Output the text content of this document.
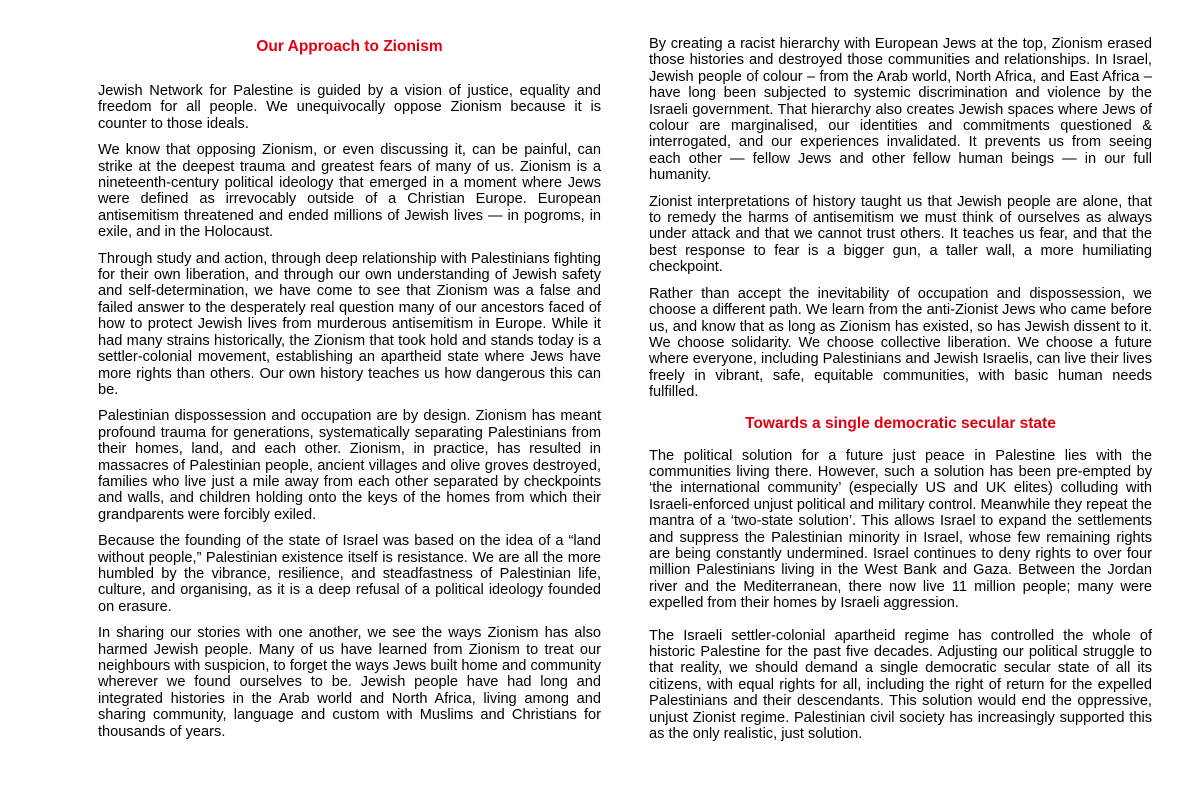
Our Approach to Zionism

Jewish Network for Palestine is guided by a vision of justice, equality and freedom for all people. We unequivocally oppose Zionism because it is counter to those ideals.

We know that opposing Zionism, or even discussing it, can be painful, can strike at the deepest trauma and greatest fears of many of us. Zionism is a nineteenth-century political ideology that emerged in a moment where Jews were defined as irrevocably outside of a Christian Europe. European antisemitism threatened and ended millions of Jewish lives — in pogroms, in exile, and in the Holocaust.

Through study and action, through deep relationship with Palestinians fighting for their own liberation, and through our own understanding of Jewish safety and self-determination, we have come to see that Zionism was a false and failed answer to the desperately real question many of our ancestors faced of how to protect Jewish lives from murderous antisemitism in Europe. While it had many strains historically, the Zionism that took hold and stands today is a settler-colonial movement, establishing an apartheid state where Jews have more rights than others. Our own history teaches us how dangerous this can be.

Palestinian dispossession and occupation are by design. Zionism has meant profound trauma for generations, systematically separating Palestinians from their homes, land, and each other. Zionism, in practice, has resulted in massacres of Palestinian people, ancient villages and olive groves destroyed, families who live just a mile away from each other separated by checkpoints and walls, and children holding onto the keys of the homes from which their grandparents were forcibly exiled.

Because the founding of the state of Israel was based on the idea of a “land without people,” Palestinian existence itself is resistance. We are all the more humbled by the vibrance, resilience, and steadfastness of Palestinian life, culture, and organising, as it is a deep refusal of a political ideology founded on erasure.

In sharing our stories with one another, we see the ways Zionism has also harmed Jewish people. Many of us have learned from Zionism to treat our neighbours with suspicion, to forget the ways Jews built home and community wherever we found ourselves to be. Jewish people have had long and integrated histories in the Arab world and North Africa, living among and sharing community, language and custom with Muslims and Christians for thousands of years.

By creating a racist hierarchy with European Jews at the top, Zionism erased those histories and destroyed those communities and relationships. In Israel, Jewish people of colour – from the Arab world, North Africa, and East Africa – have long been subjected to systemic discrimination and violence by the Israeli government. That hierarchy also creates Jewish spaces where Jews of colour are marginalised, our identities and commitments questioned & interrogated, and our experiences invalidated. It prevents us from seeing each other — fellow Jews and other fellow human beings — in our full humanity.

Zionist interpretations of history taught us that Jewish people are alone, that to remedy the harms of antisemitism we must think of ourselves as always under attack and that we cannot trust others. It teaches us fear, and that the best response to fear is a bigger gun, a taller wall, a more humiliating checkpoint.

Rather than accept the inevitability of occupation and dispossession, we choose a different path. We learn from the anti-Zionist Jews who came before us, and know that as long as Zionism has existed, so has Jewish dissent to it. We choose solidarity. We choose collective liberation. We choose a future where everyone, including Palestinians and Jewish Israelis, can live their lives freely in vibrant, safe, equitable communities, with basic human needs fulfilled.

Towards a single democratic secular state

The political solution for a future just peace in Palestine lies with the communities living there. However, such a solution has been pre-empted by ‘the international community’ (especially US and UK elites) colluding with Israeli-enforced unjust political and military control. Meanwhile they repeat the mantra of a ‘two-state solution’. This allows Israel to expand the settlements and suppress the Palestinian minority in Israel, whose few remaining rights are being constantly undermined. Israel continues to deny rights to over four million Palestinians living in the West Bank and Gaza. Between the Jordan river and the Mediterranean, there now live 11 million people; many were expelled from their homes by Israeli aggression.

The Israeli settler-colonial apartheid regime has controlled the whole of historic Palestine for the past five decades. Adjusting our political struggle to that reality, we should demand a single democratic secular state of all its citizens, with equal rights for all, including the right of return for the expelled Palestinians and their descendants. This solution would end the oppressive, unjust Zionist regime. Palestinian civil society has increasingly supported this as the only realistic, just solution.
